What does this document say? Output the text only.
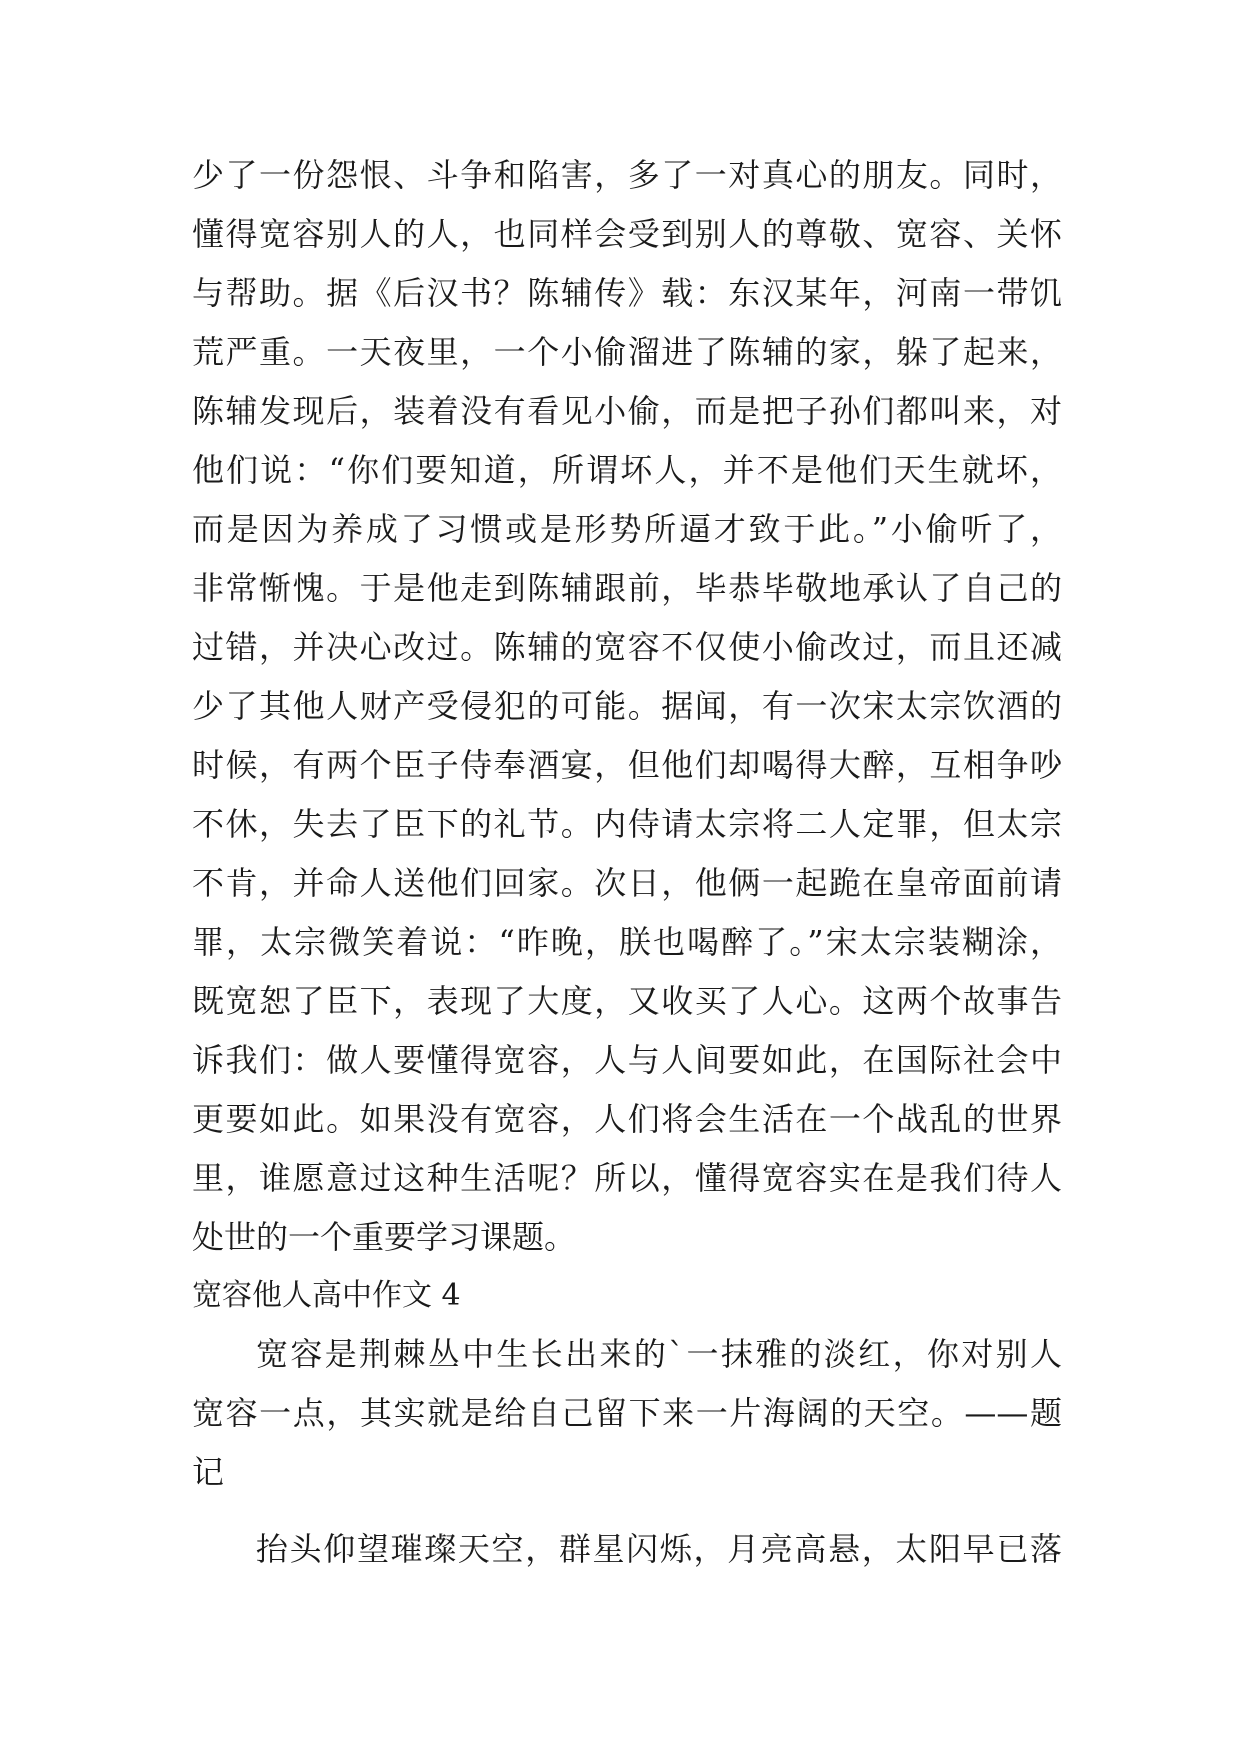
少了一份怨恨、斗争和陷害，多了一对真心的朋友。同时，
懂得宽容别人的人，也同样会受到别人的尊敬、宽容、关怀
与帮助。据《后汉书？陈辅传》载：东汉某年，河南一带饥
荒严重。一天夜里，一个小偷溜进了陈辅的家，躲了起来，
陈辅发现后，装着没有看见小偷，而是把子孙们都叫来，对
他们说：“你们要知道，所谓坏人，并不是他们天生就坏，
而是因为养成了习惯或是形势所逼才致于此。”小偷听了，
非常惭愧。于是他走到陈辅跟前，毕恭毕敬地承认了自己的
过错，并决心改过。陈辅的宽容不仅使小偷改过，而且还减
少了其他人财产受侵犯的可能。据闻，有一次宋太宗饮酒的
时候，有两个臣子侍奉酒宴，但他们却喝得大醉，互相争吵
不休，失去了臣下的礼节。内侍请太宗将二人定罪，但太宗
不肯，并命人送他们回家。次日，他俩一起跪在皇帝面前请
罪，太宗微笑着说：“昨晚，朕也喝醉了。”宋太宗装糊涂，
既宽恕了臣下，表现了大度，又收买了人心。这两个故事告
诉我们：做人要懂得宽容，人与人间要如此，在国际社会中
更要如此。如果没有宽容，人们将会生活在一个战乱的世界
里，谁愿意过这种生活呢？所以，懂得宽容实在是我们待人
处世的一个重要学习课题。
宽容他人高中作文 4
宽容是荆棘丛中生长出来的`一抹雅的淡红，你对别人
宽容一点，其实就是给自己留下来一片海阔的天空。——题
记
抬头仰望璀璨天空，群星闪烁，月亮高悬，太阳早已落
